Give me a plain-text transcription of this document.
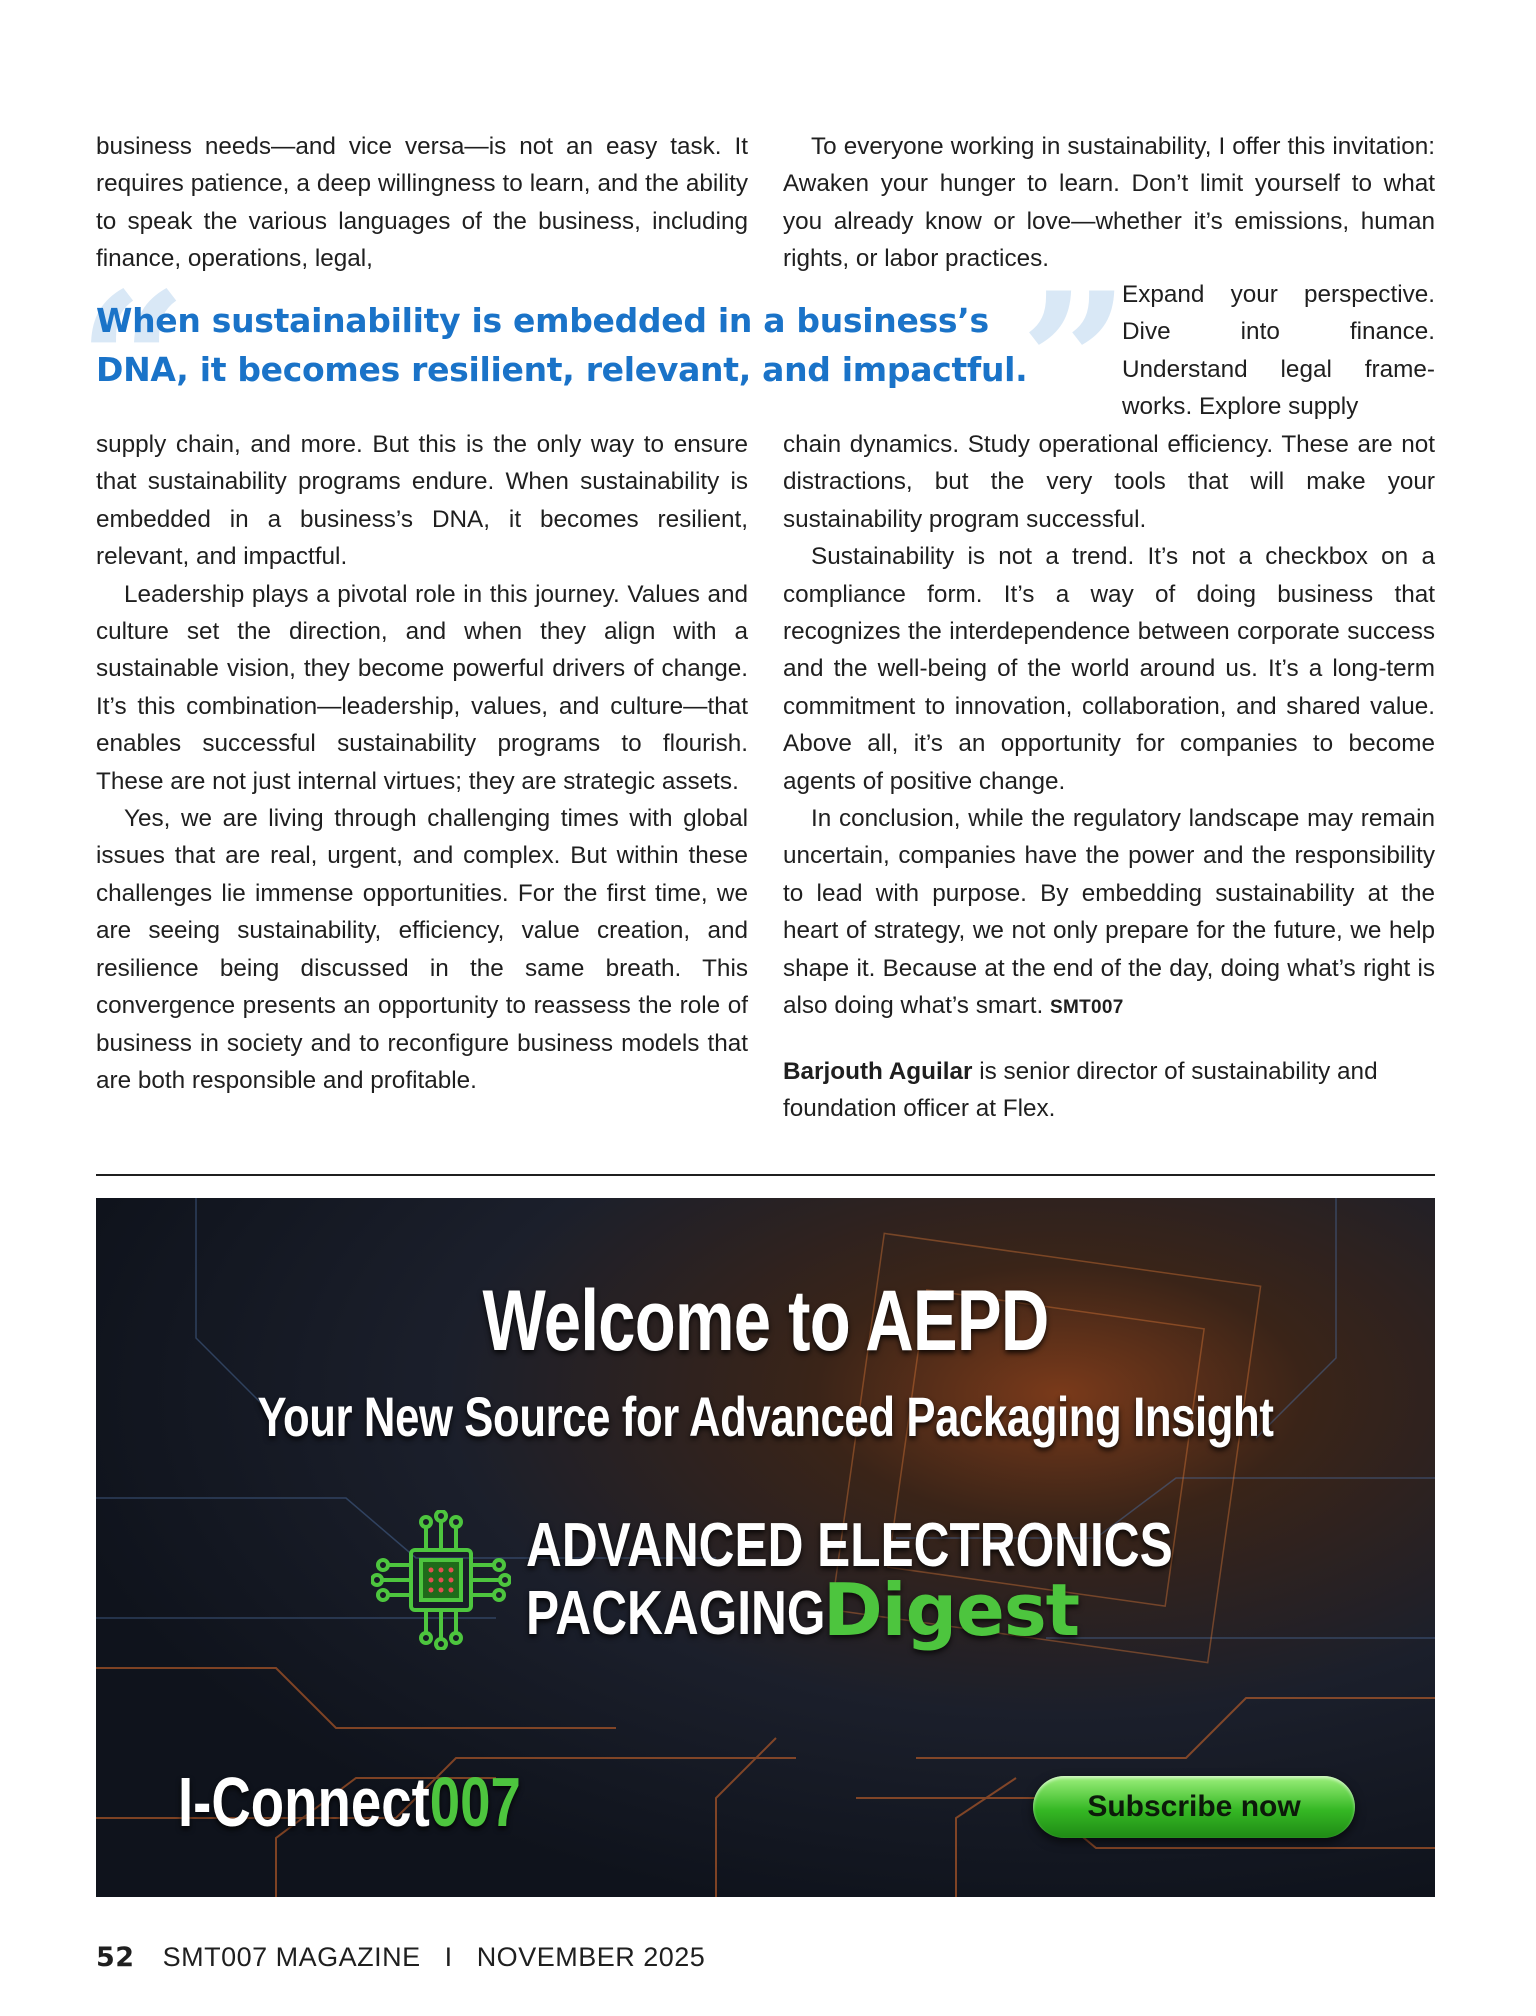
business needs—and vice versa—is not an easy task. It requires patience, a deep willingness to learn, and the ability to speak the various languages of the business, including finance, operations, legal,

“	”
When sustainability is embedded in a business’s
DNA, it becomes resilient, relevant, and impactful.

supply chain, and more. But this is the only way to ensure that sustainability programs endure. When sustainability is embedded in a business’s DNA, it becomes resilient, relevant, and impactful.

Leadership plays a pivotal role in this journey. Values and culture set the direction, and when they align with a sustainable vision, they become powerful drivers of change. It’s this combination—leadership, values, and culture—that enables successful sustainability programs to flourish. These are not just internal virtues; they are strategic assets.

Yes, we are living through challenging times with global issues that are real, urgent, and complex. But within these challenges lie immense opportunities. For the first time, we are seeing sustainability, efficiency, value creation, and resilience being discussed in the same breath. This convergence presents an opportunity to reassess the role of business in society and to reconfigure business models that are both responsible and profitable.

To everyone working in sustainability, I offer this invitation: Awaken your hunger to learn. Don’t limit yourself to what you already know or love—whether it’s emissions, human rights, or labor practices.

Expand your perspective. Dive into finance. Understand legal frameworks. Explore supply

chain dynamics. Study operational efficiency. These are not distractions, but the very tools that will make your sustainability program successful.

Sustainability is not a trend. It’s not a checkbox on a compliance form. It’s a way of doing business that recognizes the interdependence between corporate success and the well-being of the world around us. It’s a long-term commitment to innovation, collaboration, and shared value. Above all, it’s an opportunity for companies to become agents of positive change.

In conclusion, while the regulatory landscape may remain uncertain, companies have the power and the responsibility to lead with purpose. By embedding sustainability at the heart of strategy, we not only prepare for the future, we help shape it. Because at the end of the day, doing what’s right is also doing what’s smart. SMT007

Barjouth Aguilar is senior director of sustainability and foundation officer at Flex.

Welcome to AEPD
Your New Source for Advanced Packaging Insight
ADVANCED ELECTRONICS
PACKAGING
Digest
I-Connect007	Subscribe now
52 SMT007 MAGAZINE I NOVEMBER 2025
